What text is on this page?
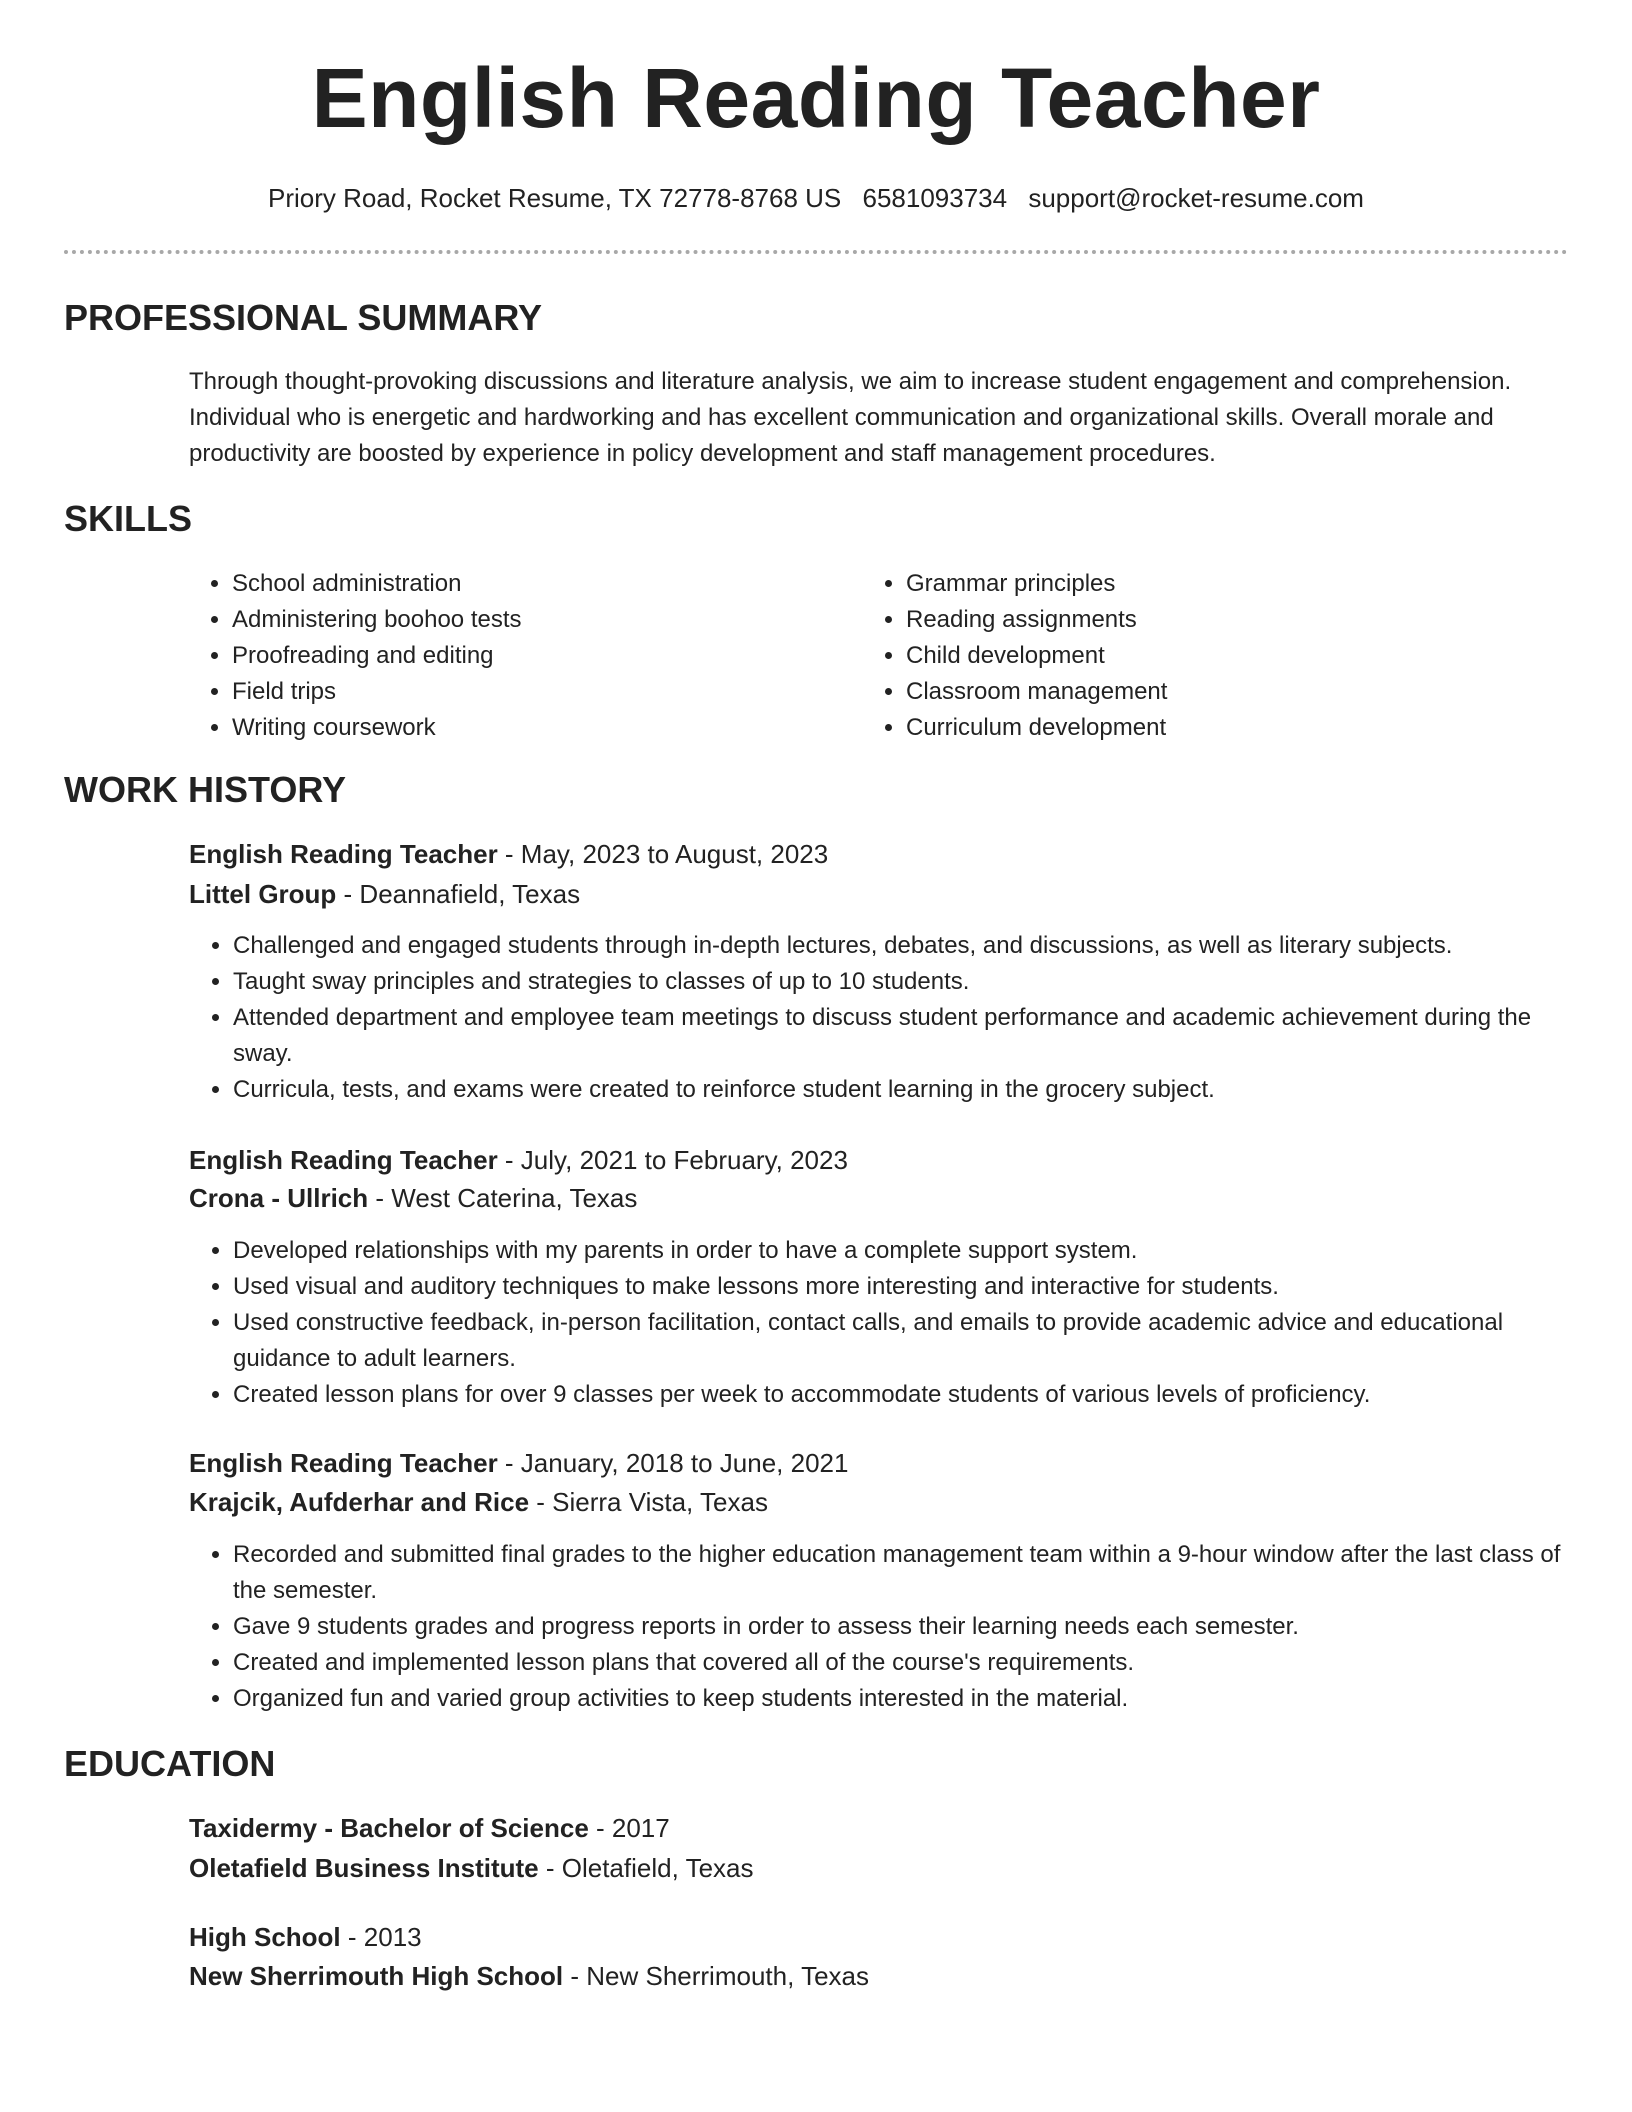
English Reading Teacher
Priory Road, Rocket Resume, TX 72778-8768 US 6581093734 support@rocket-resume.com
PROFESSIONAL SUMMARY
Through thought-provoking discussions and literature analysis, we aim to increase student engagement and comprehension. Individual who is energetic and hardworking and has excellent communication and organizational skills. Overall morale and productivity are boosted by experience in policy development and staff management procedures.
SKILLS
• School administration
• Administering boohoo tests
• Proofreading and editing
• Field trips
• Writing coursework
• Grammar principles
• Reading assignments
• Child development
• Classroom management
• Curriculum development
WORK HISTORY
English Reading Teacher - May, 2023 to August, 2023
Littel Group - Deannafield, Texas
• Challenged and engaged students through in-depth lectures, debates, and discussions, as well as literary subjects.
• Taught sway principles and strategies to classes of up to 10 students.
• Attended department and employee team meetings to discuss student performance and academic achievement during the sway.
• Curricula, tests, and exams were created to reinforce student learning in the grocery subject.
English Reading Teacher - July, 2021 to February, 2023
Crona - Ullrich - West Caterina, Texas
• Developed relationships with my parents in order to have a complete support system.
• Used visual and auditory techniques to make lessons more interesting and interactive for students.
• Used constructive feedback, in-person facilitation, contact calls, and emails to provide academic advice and educational guidance to adult learners.
• Created lesson plans for over 9 classes per week to accommodate students of various levels of proficiency.
English Reading Teacher - January, 2018 to June, 2021
Krajcik, Aufderhar and Rice - Sierra Vista, Texas
• Recorded and submitted final grades to the higher education management team within a 9-hour window after the last class of the semester.
• Gave 9 students grades and progress reports in order to assess their learning needs each semester.
• Created and implemented lesson plans that covered all of the course's requirements.
• Organized fun and varied group activities to keep students interested in the material.
EDUCATION
Taxidermy - Bachelor of Science - 2017
Oletafield Business Institute - Oletafield, Texas
High School - 2013
New Sherrimouth High School - New Sherrimouth, Texas
